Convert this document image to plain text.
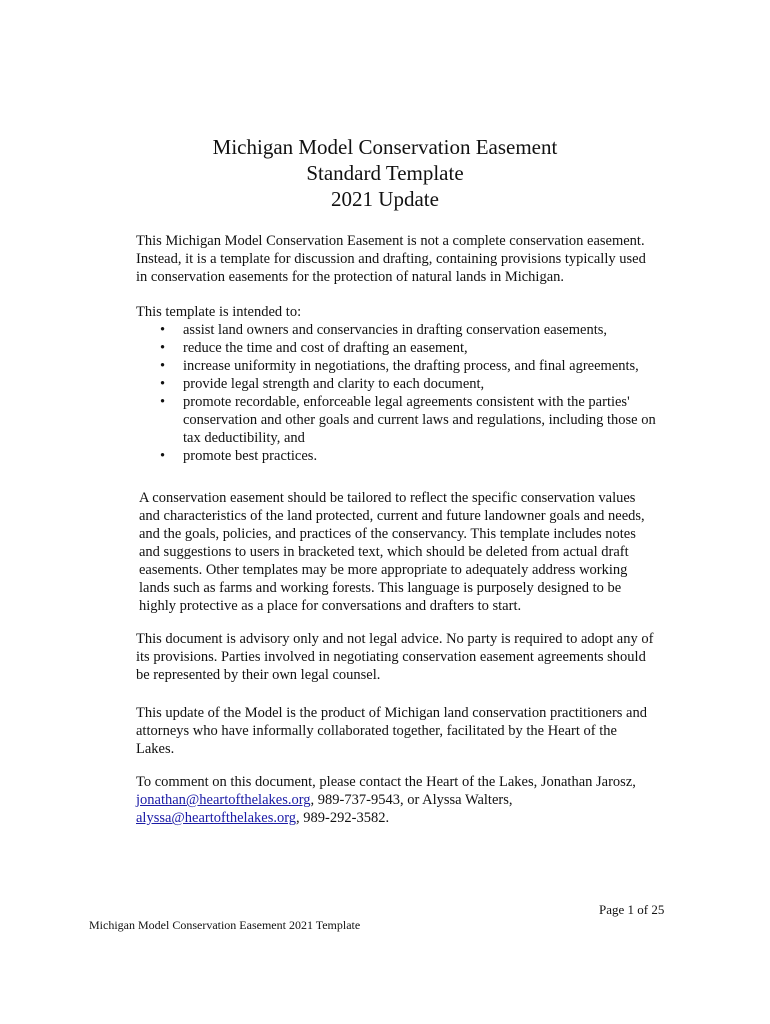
Michigan Model Conservation Easement
Standard Template
2021 Update

This Michigan Model Conservation Easement is not a complete conservation easement.
Instead, it is a template for discussion and drafting, containing provisions typically used
in conservation easements for the protection of natural lands in Michigan.

This template is intended to:

• assist land owners and conservancies in drafting conservation easements,
• reduce the time and cost of drafting an easement,
• increase uniformity in negotiations, the drafting process, and final agreements,
• provide legal strength and clarity to each document,
• promote recordable, enforceable legal agreements consistent with the parties'
conservation and other goals and current laws and regulations, including those on
tax deductibility, and
• promote best practices.

A conservation easement should be tailored to reflect the specific conservation values
and characteristics of the land protected, current and future landowner goals and needs,
and the goals, policies, and practices of the conservancy. This template includes notes
and suggestions to users in bracketed text, which should be deleted from actual draft
easements. Other templates may be more appropriate to adequately address working
lands such as farms and working forests. This language is purposely designed to be
highly protective as a place for conversations and drafters to start.

This document is advisory only and not legal advice. No party is required to adopt any of
its provisions. Parties involved in negotiating conservation easement agreements should
be represented by their own legal counsel.

This update of the Model is the product of Michigan land conservation practitioners and
attorneys who have informally collaborated together, facilitated by the Heart of the
Lakes.

To comment on this document, please contact the Heart of the Lakes, Jonathan Jarosz,
jonathan@heartofthelakes.org, 989-737-9543, or Alyssa Walters,
alyssa@heartofthelakes.org, 989-292-3582.

Page 1 of 25
Michigan Model Conservation Easement 2021 Template
